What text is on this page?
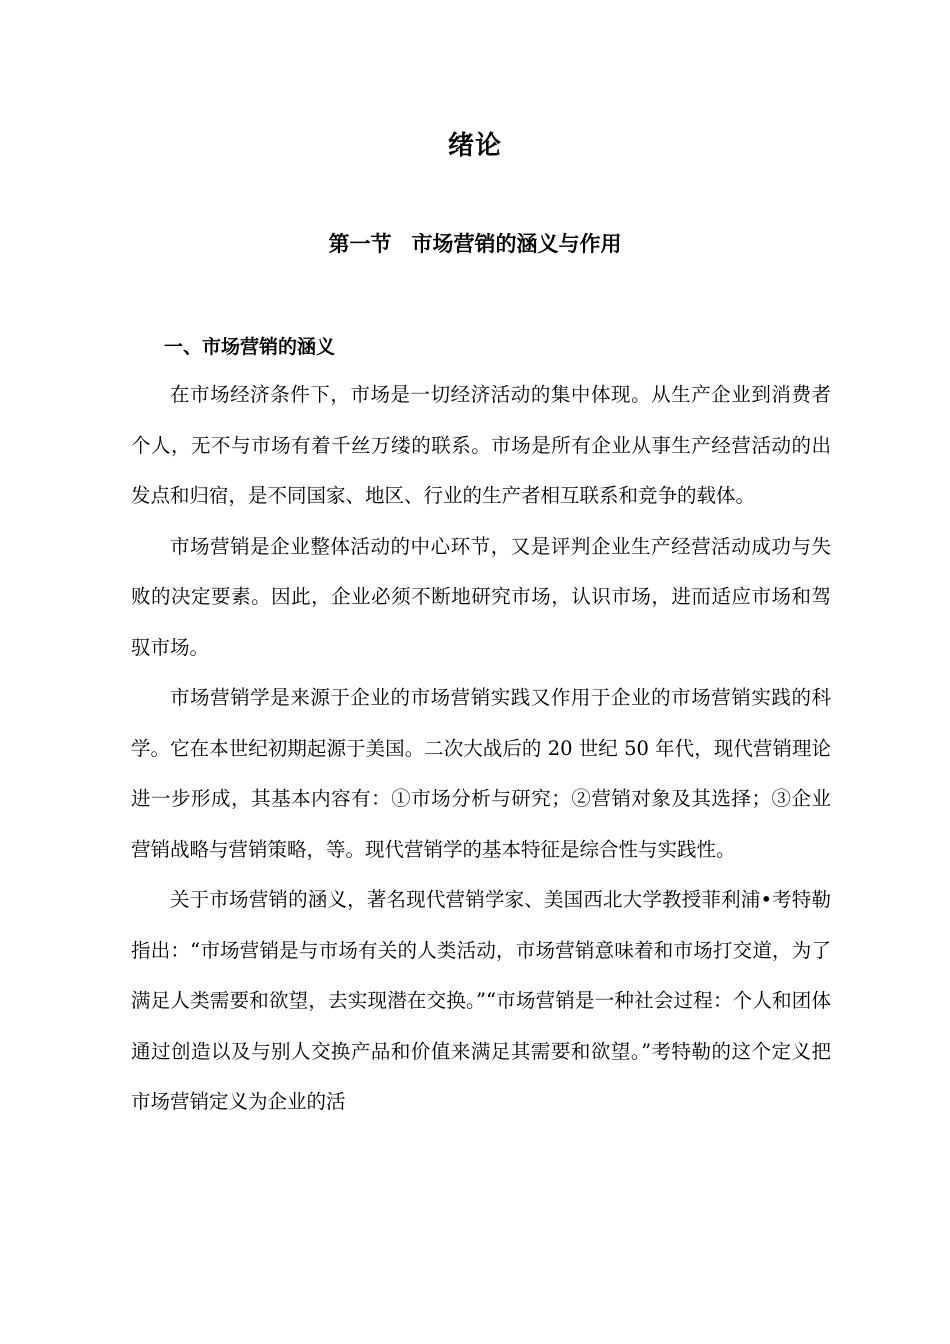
绪论
第一节 市场营销的涵义与作用
一、市场营销的涵义

在市场经济条件下，市场是一切经济活动的集中体现。从生产企业到消费者个人，无不与市场有着千丝万缕的联系。市场是所有企业从事生产经营活动的出发点和归宿，是不同国家、地区、行业的生产者相互联系和竞争的载体。

市场营销是企业整体活动的中心环节，又是评判企业生产经营活动成功与失败的决定要素。因此，企业必须不断地研究市场，认识市场，进而适应市场和驾驭市场。

市场营销学是来源于企业的市场营销实践又作用于企业的市场营销实践的科学。它在本世纪初期起源于美国。二次大战后的 20 世纪 50 年代，现代营销理论进一步形成，其基本内容有：①市场分析与研究；②营销对象及其选择；③企业营销战略与营销策略，等。现代营销学的基本特征是综合性与实践性。

关于市场营销的涵义，著名现代营销学家、美国西北大学教授菲利浦•考特勒指出：“市场营销是与市场有关的人类活动，市场营销意味着和市场打交道，为了满足人类需要和欲望，去实现潜在交换。”“市场营销是一种社会过程：个人和团体通过创造以及与别人交换产品和价值来满足其需要和欲望。”考特勒的这个定义把市场营销定义为企业的活
